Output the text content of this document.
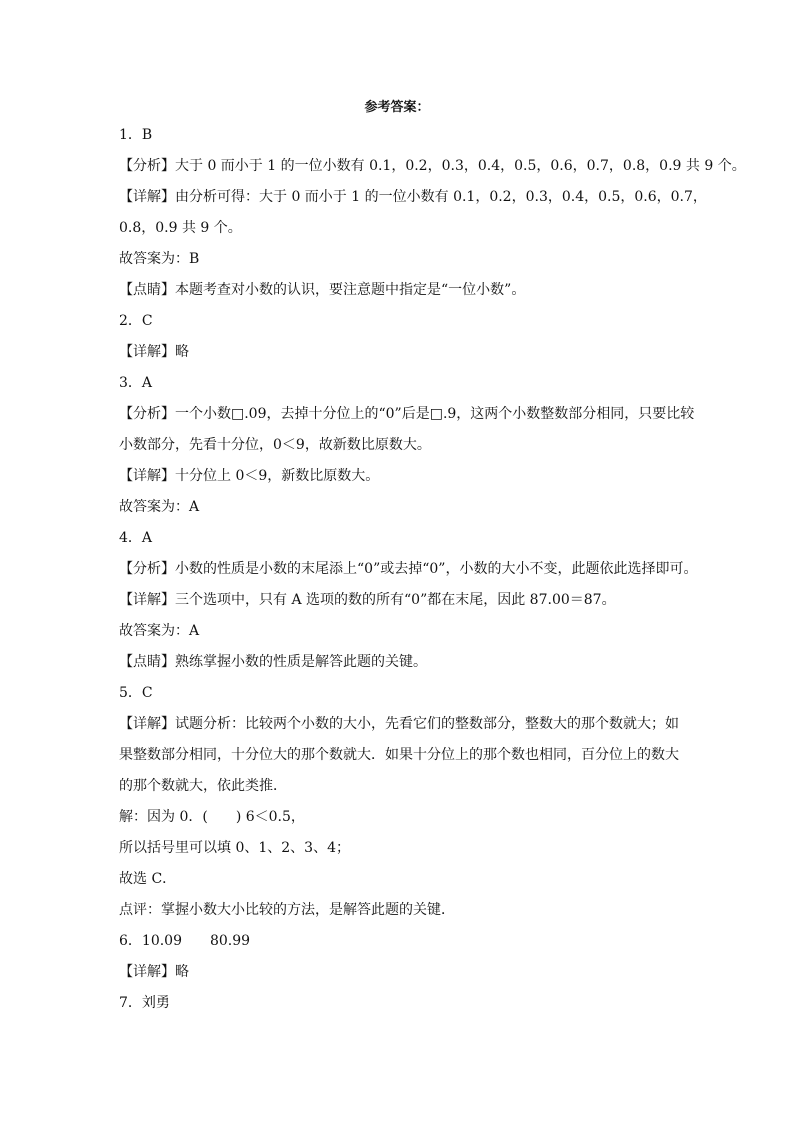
参考答案：
1．B
【分析】大于 0 而小于 1 的一位小数有 0.1，0.2，0.3，0.4，0.5，0.6，0.7，0.8，0.9 共 9 个。
【详解】由分析可得：大于 0 而小于 1 的一位小数有 0.1，0.2，0.3，0.4，0.5，0.6，0.7，
0.8，0.9 共 9 个。
故答案为：B
【点睛】本题考查对小数的认识，要注意题中指定是“一位小数”。
2．C
【详解】略
3．A
【分析】一个小数□.09，去掉十分位上的“0”后是□.9，这两个小数整数部分相同，只要比较
小数部分，先看十分位，0＜9，故新数比原数大。
【详解】十分位上 0＜9，新数比原数大。
故答案为：A
4．A
【分析】小数的性质是小数的末尾添上“0”或去掉“0”，小数的大小不变，此题依此选择即可。
【详解】三个选项中，只有 A 选项的数的所有“0”都在末尾，因此 87.00＝87。
故答案为：A
【点睛】熟练掌握小数的性质是解答此题的关键。
5．C
【详解】试题分析：比较两个小数的大小，先看它们的整数部分，整数大的那个数就大；如
果整数部分相同，十分位大的那个数就大．如果十分位上的那个数也相同，百分位上的数大
的那个数就大，依此类推．
解：因为 0．(　　) 6＜0.5，
所以括号里可以填 0、1、2、3、4；
故选 C．
点评：掌握小数大小比较的方法，是解答此题的关键．
6．10.09　　80.99
【详解】略
7．刘勇
